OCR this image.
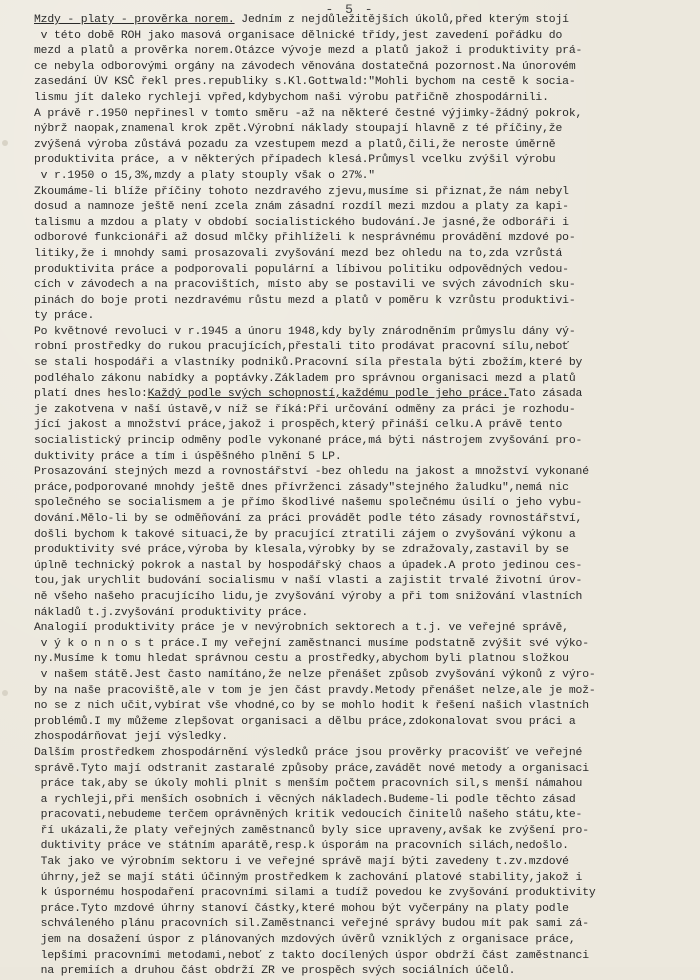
- 5 -
Mzdy - platy - prověrka norem. Jedním z nejdůležitějších úkolů,před kterým stojí
v této době ROH jako masová organisace dělnické třídy,jest zavedení pořádku do
mezd a platů a prověrka norem.Otázce vývoje mezd a platů jakož i produktivity prá-
ce nebyla odborovými orgány na závodech věnována dostatečná pozornost.Na únorovém
zasedání ÚV KSČ řekl pres.republiky s.Kl.Gottwald:"Mohli bychom na cestě k socia-
lismu jít daleko rychleji vpřed,kdybychom naši výrobu patřičně zhospodárnili.
A právě r.1950 nepřinesl v tomto směru -až na některé čestné výjimky-žádný pokrok,
nýbrž naopak,znamenal krok zpět.Výrobní náklady stoupají hlavně z té příčiny,že
zvýšená výroba zůstává pozadu za vzestupem mezd a platů,čili,že neroste úměrně
produktivita práce, a v některých případech klesá.Průmysl vcelku zvýšil výrobu
v r.1950 o 15,3%,mzdy a platy stouply však o 27%."
Zkoumáme-li blíže příčiny tohoto nezdravého zjevu,musíme si přiznat,že nám nebyl
dosud a namnoze ještě není zcela znám zásadní rozdíl mezi mzdou a platy za kapi-
talismu a mzdou a platy v období socialistického budování.Je jasné,že odboráři i
odborové funkcionáři až dosud mlčky přihlíželi k nesprávnému provádění mzdové po-
litiky,že i mnohdy sami prosazovali zvyšování mezd bez ohledu na to,zda vzrůstá
produktivita práce a podporovali populární a líbivou politiku odpovědných vedou-
cích v závodech a na pracovištích, místo aby se postavili ve svých závodních sku-
pinách do boje proti nezdravému růstu mezd a platů v poměru k vzrůstu produktivi-
ty práce.
Po květnové revoluci v r.1945 a únoru 1948,kdy byly znárodněním průmyslu dány vý-
robní prostředky do rukou pracujících,přestali tito prodávat pracovní sílu,neboť
se stali hospodáři a vlastníky podniků.Pracovní síla přestala býti zbožím,které by
podléhalo zákonu nabídky a poptávky.Základem pro správnou organisaci mezd a platů
platí dnes heslo:Každý podle svých schopností,každému podle jeho práce.Tato zásada
je zakotvena v naší ústavě,v níž se říká:Při určování odměny za práci je rozhodu-
jící jakost a množství práce,jakož i prospěch,který přináší celku.A právě tento
socialistický princip odměny podle vykonané práce,má býti nástrojem zvyšování pro-
duktivity práce a tím i úspěšného plnění 5 LP.
Prosazování stejných mezd a rovnostářství -bez ohledu na jakost a množství vykonané
práce,podporované mnohdy ještě dnes přívrženci zásady"stejného žaludku",nemá nic
společného se socialismem a je přímo škodlivé našemu společnému úsilí o jeho vybu-
dování.Mělo-li by se odměňování za práci provádět podle této zásady rovnostářství,
došli bychom k takové situaci,že by pracující ztratili zájem o zvyšování výkonu a
produktivity své práce,výroba by klesala,výrobky by se zdražovaly,zastavil by se
úplně technický pokrok a nastal by hospodářský chaos a úpadek.A proto jedinou ces-
tou,jak urychlit budování socialismu v naší vlasti a zajistit trvalé životní úrov-
ně všeho našeho pracujícího lidu,je zvyšování výroby a při tom snižování vlastních
nákladů t.j.zvyšování produktivity práce.
Analogií produktivity práce je v nevýrobních sektorech a t.j. ve veřejné správě,
v ý k o n n o s t práce.I my veřejní zaměstnanci musíme podstatně zvýšit své výko-
ny.Musíme k tomu hledat správnou cestu a prostředky,abychom byli platnou složkou
v našem státě.Jest často namítáno,že nelze přenášet způsob zvyšování výkonů z výro-
by na naše pracoviště,ale v tom je jen část pravdy.Metody přenášet nelze,ale je mož-
no se z nich učit,vybírat vše vhodné,co by se mohlo hodit k řešení našich vlastních
problémů.I my můžeme zlepšovat organisaci a dělbu práce,zdokonalovat svou práci a
zhospodárňovat její výsledky.
Dalším prostředkem zhospodárnění výsledků práce jsou prověrky pracovišť ve veřejné
správě.Tyto mají odstranit zastaralé způsoby práce,zavádět nové metody a organisaci
práce tak,aby se úkoly mohli plnit s menším počtem pracovních sil,s menší námahou
a rychleji,při menších osobních i věcných nákladech.Budeme-li podle těchto zásad
pracovati,nebudeme terčem oprávněných kritik vedoucích činitelů našeho státu,kte-
ří ukázali,že platy veřejných zaměstnanců byly sice upraveny,avšak ke zvýšení pro-
duktivity práce ve státním aparátě,resp.k úsporám na pracovních silách,nedošlo.
Tak jako ve výrobním sektoru i ve veřejné správě mají býti zavedeny t.zv.mzdové
úhrny,jež se mají státi účinným prostředkem k zachování platové stability,jakož i
k úspornému hospodaření pracovními silami a tudíž povedou ke zvyšování produktivity
práce.Tyto mzdové úhrny stanoví částky,které mohou být vyčerpány na platy podle
schváleného plánu pracovních sil.Zaměstnanci veřejné správy budou mít pak sami zá-
jem na dosažení úspor z plánovaných mzdových úvěrů vzniklých z organisace práce,
lepšími pracovními metodami,neboť z takto docílených úspor obdrží část zaměstnanci
na premiích a druhou část obdrží ZR ve prospěch svých sociálních účelů.
